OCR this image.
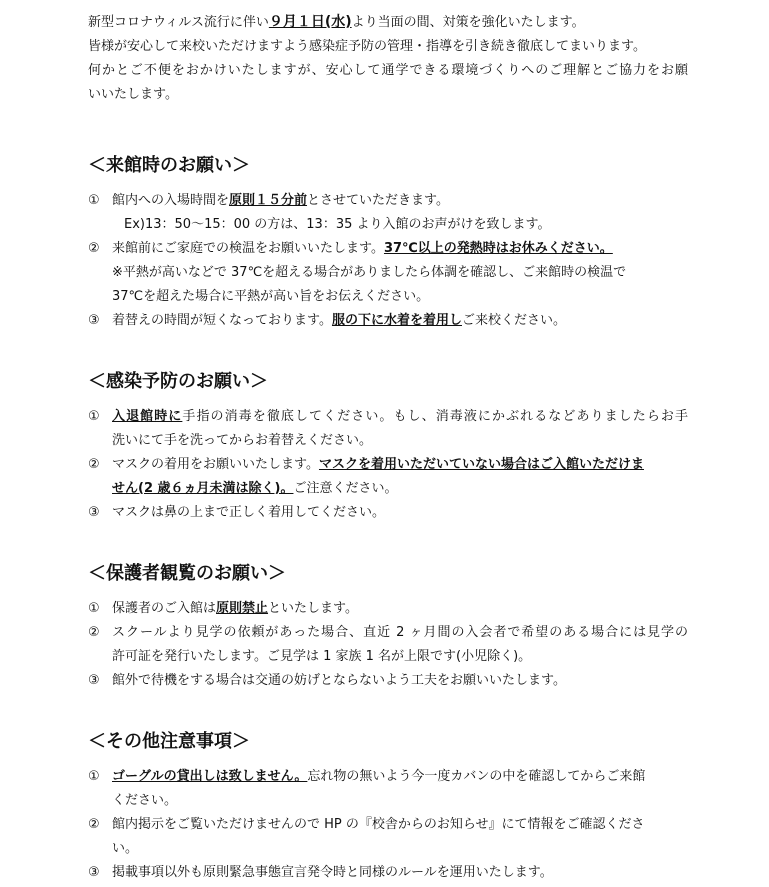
新型コロナウィルス流行に伴い９月１日(水)より当面の間、対策を強化いたします。
皆様が安心して来校いただけますよう感染症予防の管理・指導を引き続き徹底してまいります。
何かとご不便をおかけいたしますが、安心して通学できる環境づくりへのご理解とご協力をお願
いいたします。
＜来館時のお願い＞
① 館内への入場時間を原則１５分前とさせていただきます。
Ex)13：50～15：00 の方は、13：35 より入館のお声がけを致します。
② 来館前にご家庭での検温をお願いいたします。37℃以上の発熱時はお休みください。
※平熱が高いなどで 37℃を超える場合がありましたら体調を確認し、ご来館時の検温で
37℃を超えた場合に平熱が高い旨をお伝えください。
③ 着替えの時間が短くなっております。服の下に水着を着用しご来校ください。
＜感染予防のお願い＞
① 入退館時に手指の消毒を徹底してください。もし、消毒液にかぶれるなどありましたらお手
洗いにて手を洗ってからお着替えください。
② マスクの着用をお願いいたします。マスクを着用いただいていない場合はご入館いただけま
せん(2 歳６ヵ月未満は除く)。ご注意ください。
③ マスクは鼻の上まで正しく着用してください。
＜保護者観覧のお願い＞
① 保護者のご入館は原則禁止といたします。
② スクールより見学の依頼があった場合、直近 2 ヶ月間の入会者で希望のある場合には見学の
許可証を発行いたします。ご見学は 1 家族 1 名が上限です(小児除く)。
③ 館外で待機をする場合は交通の妨げとならないよう工夫をお願いいたします。
＜その他注意事項＞
① ゴーグルの貸出しは致しません。忘れ物の無いよう今一度カバンの中を確認してからご来館
ください。
② 館内掲示をご覧いただけませんので HP の『校舎からのお知らせ』にて情報をご確認くださ
い。
③ 掲載事項以外も原則緊急事態宣言発令時と同様のルールを運用いたします。
